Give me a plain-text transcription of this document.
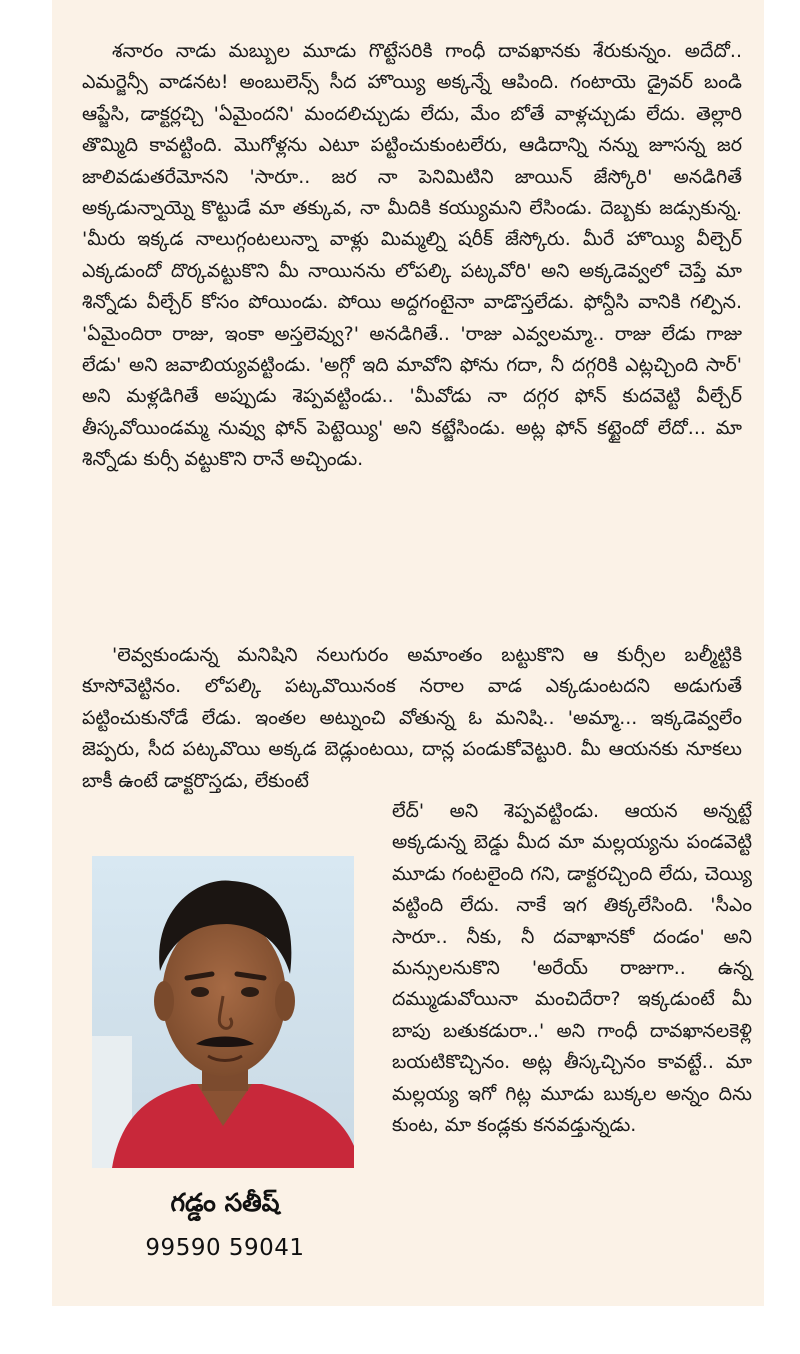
శనారం నాడు మబ్బుల మూడు గొట్టేసరికి గాంధీ దావఖానకు శేరుకున్నం. అదేదో.. ఎమర్జెన్సీ వాడనట! అంబులెన్స్ సీద హొయ్యి అక్కన్నే ఆపింది. గంటాయె డ్రైవర్ బండి ఆప్జేసి, డాక్టర్లచ్చి 'ఏమైందని' మందలిచ్చుడు లేదు, మేం బోతే వాళ్లచ్చుడు లేదు. తెల్లారి తొమ్మిది కావట్టింది. మొగోళ్లను ఎటూ పట్టించుకుంటలేరు, ఆడిదాన్ని నన్ను జూసన్న జర జాలివడుతరేమోనని 'సారూ.. జర నా పెనిమిటిని జాయిన్ జేస్కోరి' అనడిగితే అక్కడున్నాయ్నె కొట్టుడే మా తక్కువ, నా మీదికి కయ్యుమని లేసిండు. దెబ్బకు జడ్సుకున్న. 'మీరు ఇక్కడ నాలుగ్గంటలున్నా వాళ్లు మిమ్మల్ని షరీక్ జేస్కోరు. మీరే హొయ్యి వీల్చెర్ ఎక్కడుందో దొర్కవట్టుకొని మీ నాయినను లోపల్కి పట్కవోరి' అని అక్కడెవ్వలో చెప్తే మా శిన్నోడు వీల్చేర్ కోసం పోయిండు. పోయి అద్దగంటైనా వాడొస్తలేడు. ఫోన్దీసి వానికి గల్పిన. 'ఏమైందిరా రాజు, ఇంకా అస్తలెవ్వు?' అనడిగితే.. 'రాజు ఎవ్వలమ్మా.. రాజు లేడు గాజు లేడు' అని జవాబియ్యవట్టిండు. 'అగ్గో ఇది మావోని ఫోను గదా, నీ దగ్గరికి ఎట్లచ్చింది సార్' అని మళ్లడిగితే అప్పుడు శెప్పవట్టిండు.. 'మీవోడు నా దగ్గర ఫోన్ కుదవెట్టి వీల్చేర్ తీస్కవోయిండమ్మ నువ్వు ఫోన్ పెట్టెయ్యి' అని కట్జేసిండు. అట్ల ఫోన్ కట్టైందో లేదో... మా శిన్నోడు కుర్సీ వట్టుకొని రానే అచ్చిండు.

'లెవ్వకుండున్న మనిషిని నలుగురం అమాంతం బట్టుకొని ఆ కుర్సీల బల్మీట్టికి కూసోవెట్టినం. లోపల్కి పట్కవొయినంక నరాల వాడ ఎక్కడుంటదని అడుగుతే పట్టించుకునోడే లేడు. ఇంతల అట్నుంచి వోతున్న ఓ మనిషి.. 'అమ్మా... ఇక్కడెవ్వలేం జెప్పరు, సీద పట్కవొయి అక్కడ బెడ్లుంటయి, దాన్ల పండుకోవెట్టురి. మీ ఆయనకు నూకలు బాకీ ఉంటే డాక్టరొస్తడు, లేకుంటే

లేద్' అని శెప్పవట్టిండు. ఆయన అన్నట్టే అక్కడున్న బెడ్డు మీద మా మల్లయ్యను పండవెట్టి మూడు గంటలైంది గని, డాక్టరచ్చింది లేదు, చెయ్యి వట్టింది లేదు. నాకే ఇగ తిక్కలేసింది. 'సీఎం సారూ.. నీకు, నీ దవాఖానకో దండం' అని మన్సులనుకొని 'అరేయ్ రాజుగా.. ఉన్న దమ్ముడువోయినా మంచిదేరా? ఇక్కడుంటే మీ బాపు బతుకడురా..' అని గాంధీ దావఖానలకెళ్లి బయటికొచ్చినం. అట్ల తీస్కచ్చినం కావట్టే.. మా మల్లయ్య ఇగో గిట్ల మూడు బుక్కల అన్నం దిను కుంట, మా కండ్లకు కనవడ్తున్నడు.

గడ్డం సతీష్
99590 59041
